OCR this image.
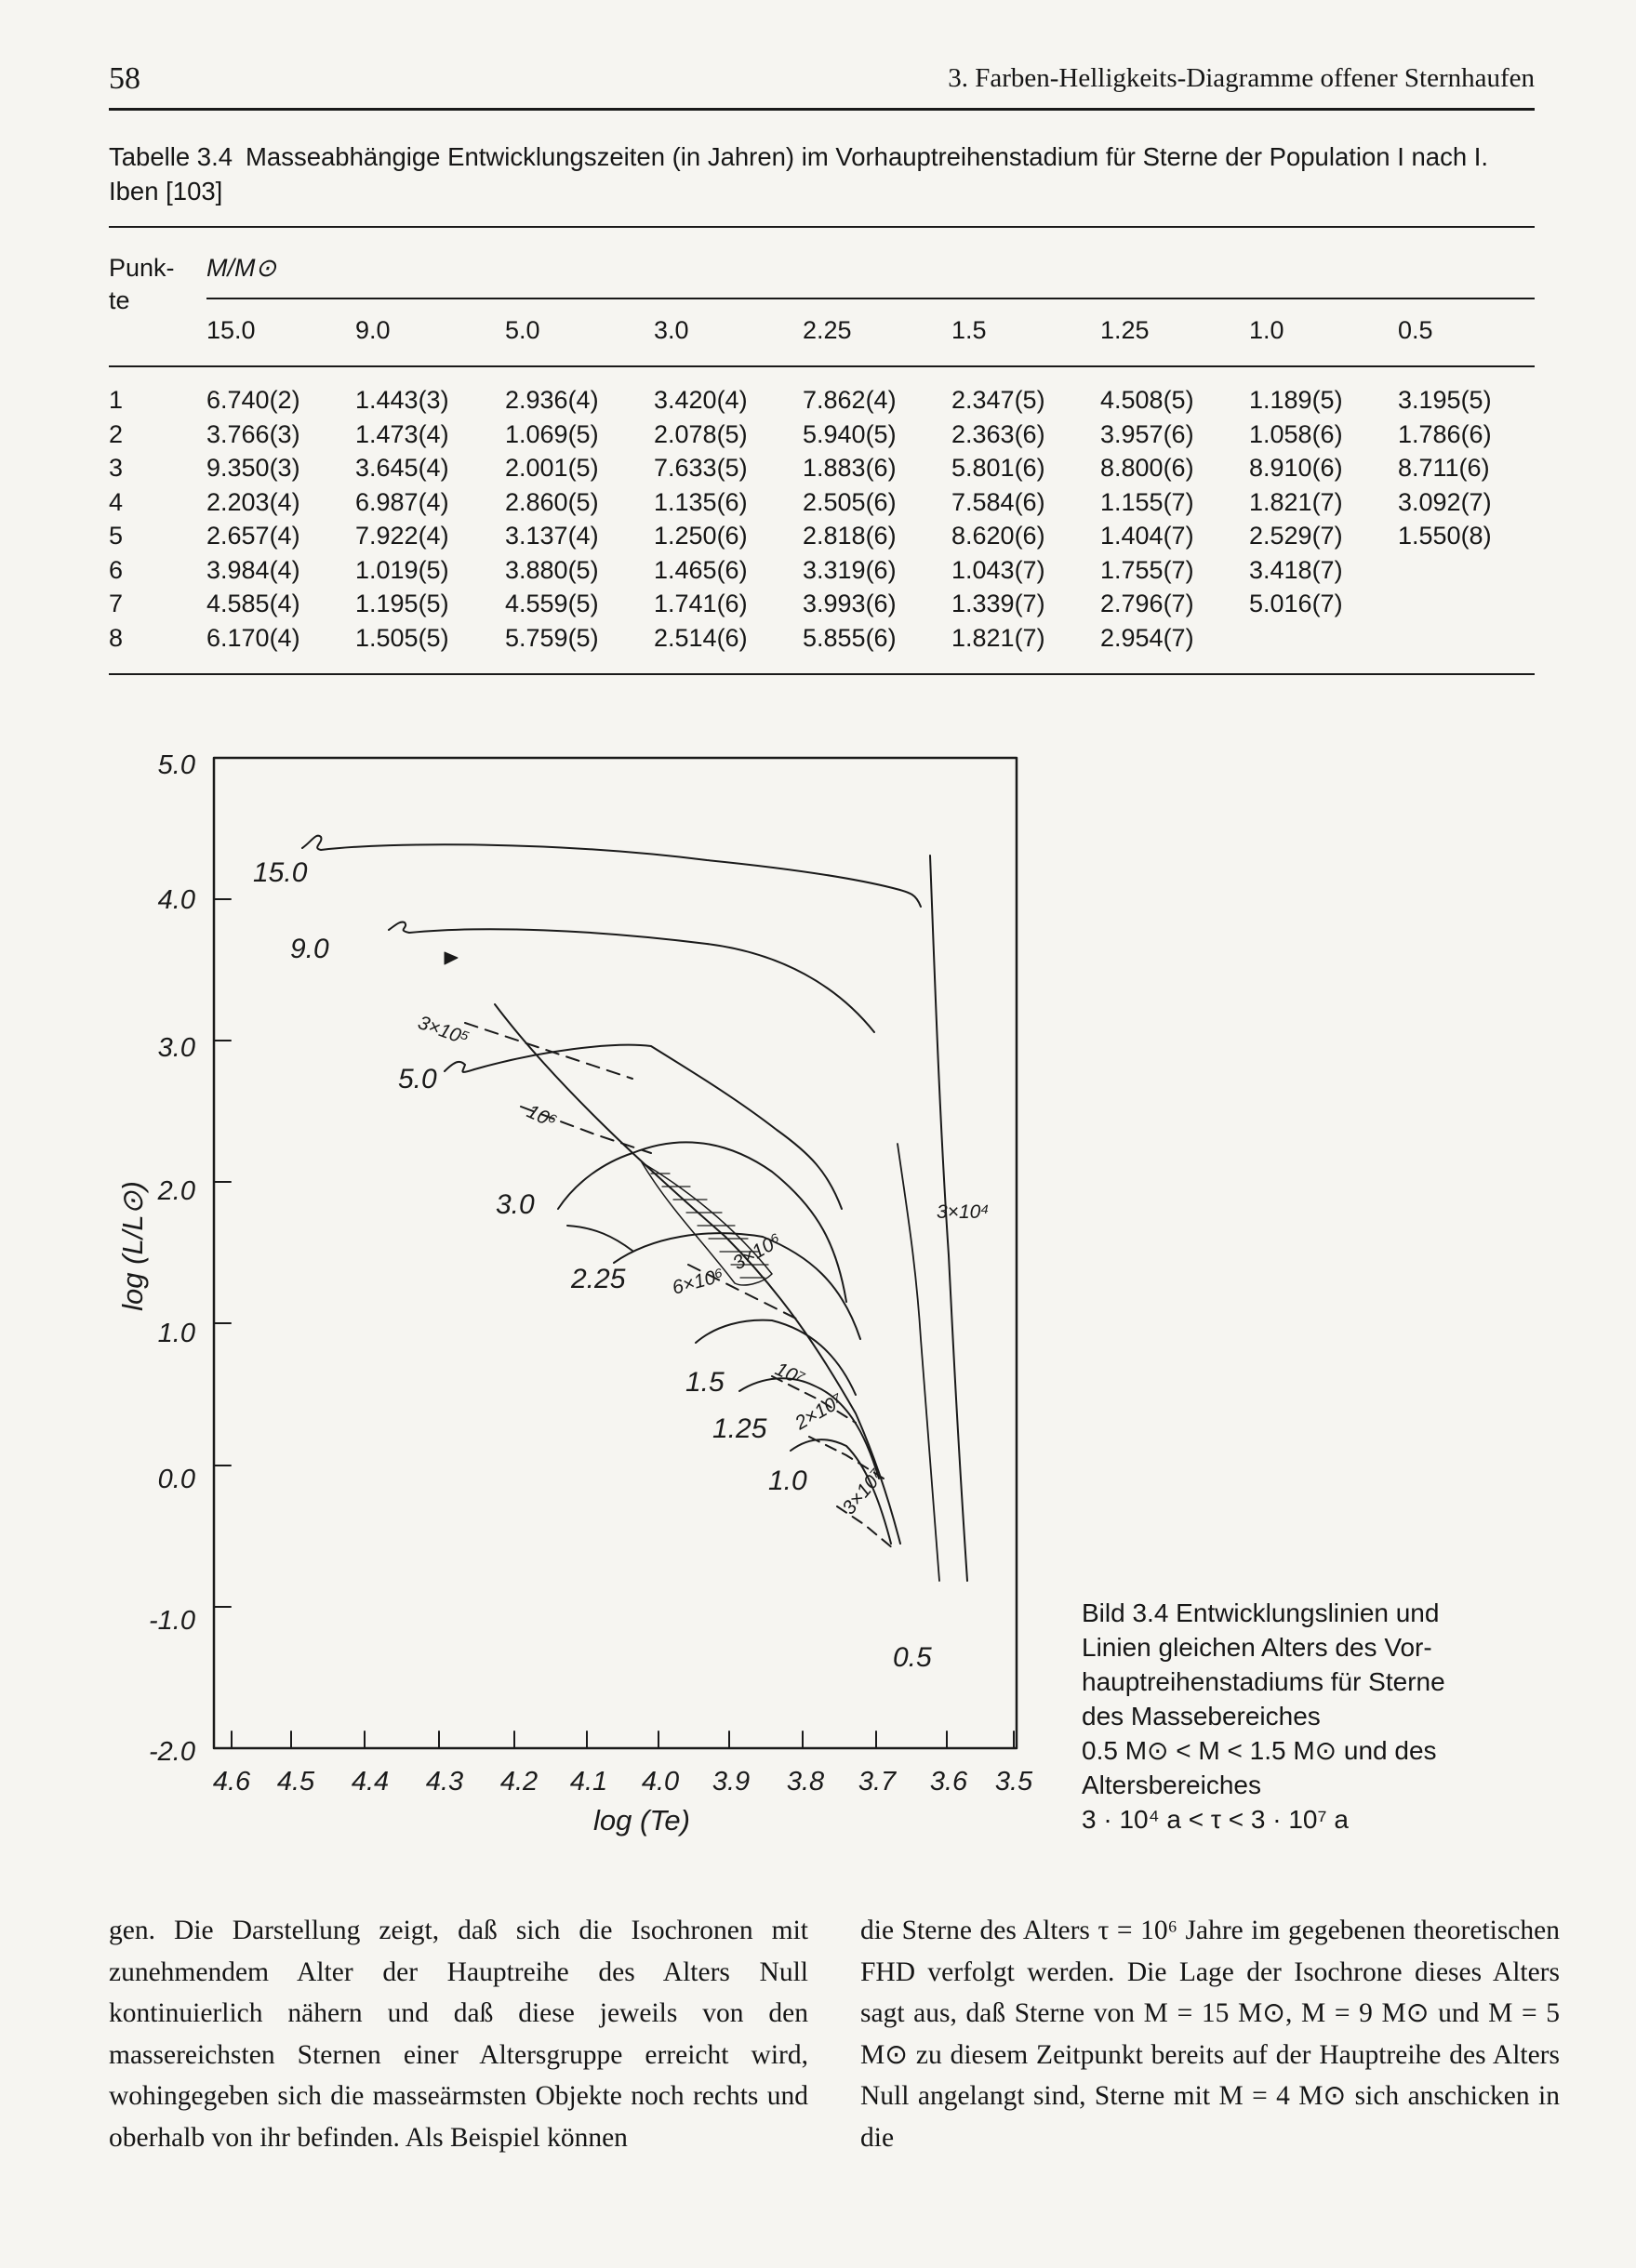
58	3. Farben-Helligkeits-Diagramme offener Sternhaufen
Tabelle 3.4 Masseabhängige Entwicklungszeiten (in Jahren) im Vorhauptreihenstadium für Sterne der Population I nach I. Iben [103]
Punk-
te
M/M⊙
15.0	9.0	5.0	3.0	2.25	1.5	1.25	1.0	0.5
1	6.740(2) 1.443(3) 2.936(4) 3.420(4) 7.862(4) 2.347(5) 4.508(5) 1.189(5) 3.195(5)
2	3.766(3) 1.473(4) 1.069(5) 2.078(5) 5.940(5) 2.363(6) 3.957(6) 1.058(6) 1.786(6)
3	9.350(3) 3.645(4) 2.001(5) 7.633(5) 1.883(6) 5.801(6) 8.800(6) 8.910(6) 8.711(6)
4	2.203(4) 6.987(4) 2.860(5) 1.135(6) 2.505(6) 7.584(6) 1.155(7) 1.821(7) 3.092(7)
5	2.657(4) 7.922(4) 3.137(4) 1.250(6) 2.818(6) 8.620(6) 1.404(7) 2.529(7) 1.550(8)
6	3.984(4) 1.019(5) 3.880(5) 1.465(6) 3.319(6) 1.043(7) 1.755(7) 3.418(7)
7	4.585(4) 1.195(5) 4.559(5) 1.741(6) 3.993(6) 1.339(7) 2.796(7) 5.016(7)
8	6.170(4) 1.505(5) 5.759(5) 2.514(6) 5.855(6) 1.821(7) 2.954(7)
5.0
4.0
3.0
2.0
1.0
0.0
-1.0
-2.0
4.6 4.5 4.4 4.3 4.2 4.1 4.0 3.9 3.8 3.7 3.6 3.5
log (L/L⊙)
log (Te)
15.0
9.0
5.0
3.0
2.25
1.5
1.25
1.0
0.5
3×10⁵
10⁶
6×10⁶
3×10⁶
10⁷
2×10⁷
3×10⁷
3×10⁴
Bild 3.4 Entwicklungslinien und
Linien gleichen Alters des Vor-
hauptreihenstadiums für Sterne
des Massebereiches
0.5 M⊙ < M < 1.5 M⊙ und des
Altersbereiches
3 · 10⁴ a < τ < 3 · 10⁷ a

gen. Die Darstellung zeigt, daß sich die Isochronen mit zunehmendem Alter der Hauptreihe des Alters Null kontinuierlich nähern und daß diese jeweils von den massereichsten Sternen einer Altersgruppe erreicht wird, wohingegeben sich die masseärmsten Objekte noch rechts und oberhalb von ihr befinden. Als Beispiel können

die Sterne des Alters τ = 10⁶ Jahre im gegebenen theoretischen FHD verfolgt werden. Die Lage der Isochrone dieses Alters sagt aus, daß Sterne von M = 15 M⊙, M = 9 M⊙ und M = 5 M⊙ zu diesem Zeitpunkt bereits auf der Hauptreihe des Alters Null angelangt sind, Sterne mit M = 4 M⊙ sich anschicken in die
